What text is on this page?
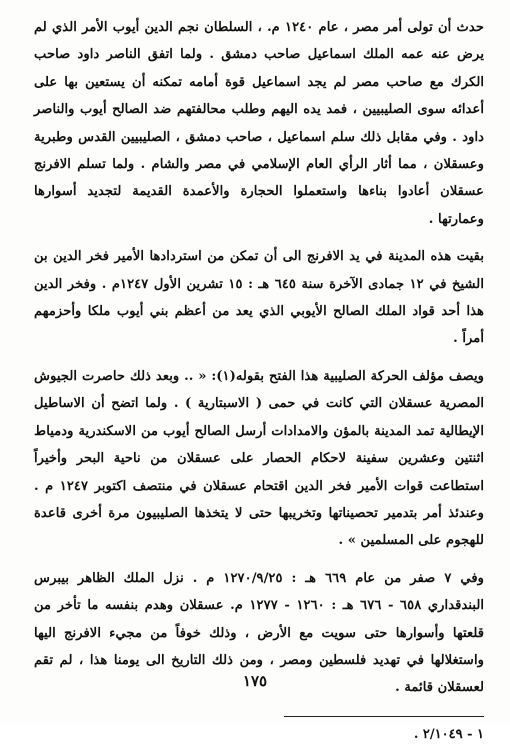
حدث أن تولى أمر مصر ، عام ١٢٤٠ م. ، السلطان نجم الدين أيوب الأمر الذي لم يرض عنه عمه الملك اسماعيل صاحب دمشق . ولما اتفق الناصر داود صاحب الكرك مع صاحب مصر لم يجد اسماعيل قوة أمامه تمكنه أن يستعين بها على أعدائه سوى الصليبيين ، فمد يده اليهم وطلب محالفتهم ضد الصالح أيوب والناصر داود . وفي مقابل ذلك سلم اسماعيل ، صاحب دمشق ، الصليبيين القدس وطبرية وعسقلان ، مما أثار الرأي العام الإسلامي في مصر والشام . ولما تسلم الافرنج عسقلان أعادوا بناءها واستعملوا الحجارة والأعمدة القديمة لتجديد أسوارها وعمارتها .

بقيت هذه المدينة في يد الافرنج الى أن تمكن من استردادها الأمير فخر الدين بن الشيخ في ١٢ جمادى الآخرة سنة ٦٤٥ هـ : ١٥ تشرين الأول ١٢٤٧م . وفخر الدين هذا أحد قواد الملك الصالح الأيوبي الذي يعد من أعظم بني أيوب ملكا وأحزمهم أمراً .

ويصف مؤلف الحركة الصليبية هذا الفتح بقوله(١): « .. وبعد ذلك حاصرت الجيوش المصرية عسقلان التي كانت في حمى ( الاسبتارية ) . ولما اتضح أن الاساطيل الإيطالية تمد المدينة بالمؤن والامدادات أرسل الصالح أيوب من الاسكندرية ودمياط اثنتين وعشرين سفينة لاحكام الحصار على عسقلان من ناحية البحر وأخيراً استطاعت قوات الأمير فخر الدين اقتحام عسقلان في منتصف اكتوبر ١٢٤٧ م . وعندئذ أمر بتدمير تحصيناتها وتخريبها حتى لا يتخذها الصليبيون مرة أخرى قاعدة للهجوم على المسلمين » .

وفي ٧ صفر من عام ٦٦٩ هـ : ١٢٧٠/٩/٢٥ م . نزل الملك الظاهر بيبرس البندقداري ٦٥٨ - ٦٧٦ هـ : ١٢٦٠ - ١٢٧٧ م. عسقلان وهدم بنفسه ما تأخر من قلعتها وأسوارها حتى سويت مع الأرض ، وذلك خوفاً من مجيء الافرنج اليها واستغلالها في تهديد فلسطين ومصر ، ومن ذلك التاريخ الى يومنا هذا ، لم تقم لعسقلان قائمة .

١ - ٢/١٠٤٩ .

١٧٥
